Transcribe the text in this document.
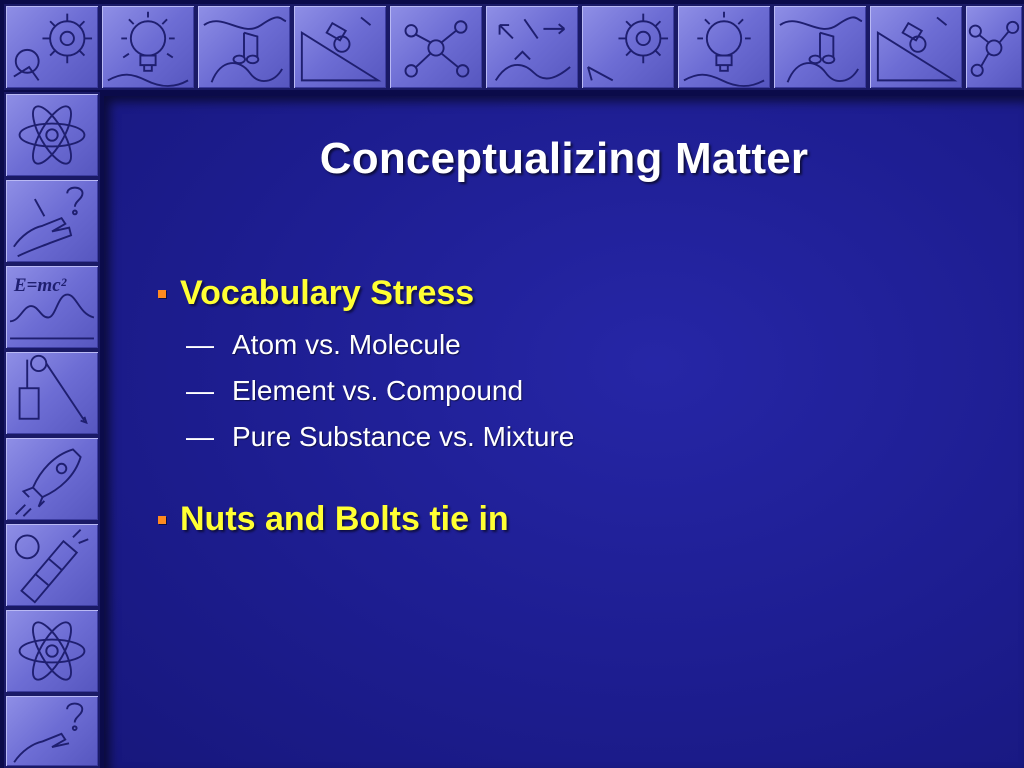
E=mc²
Conceptualizing Matter
Vocabulary Stress
— Atom vs. Molecule
— Element vs. Compound
— Pure Substance vs. Mixture
Nuts and Bolts tie in
